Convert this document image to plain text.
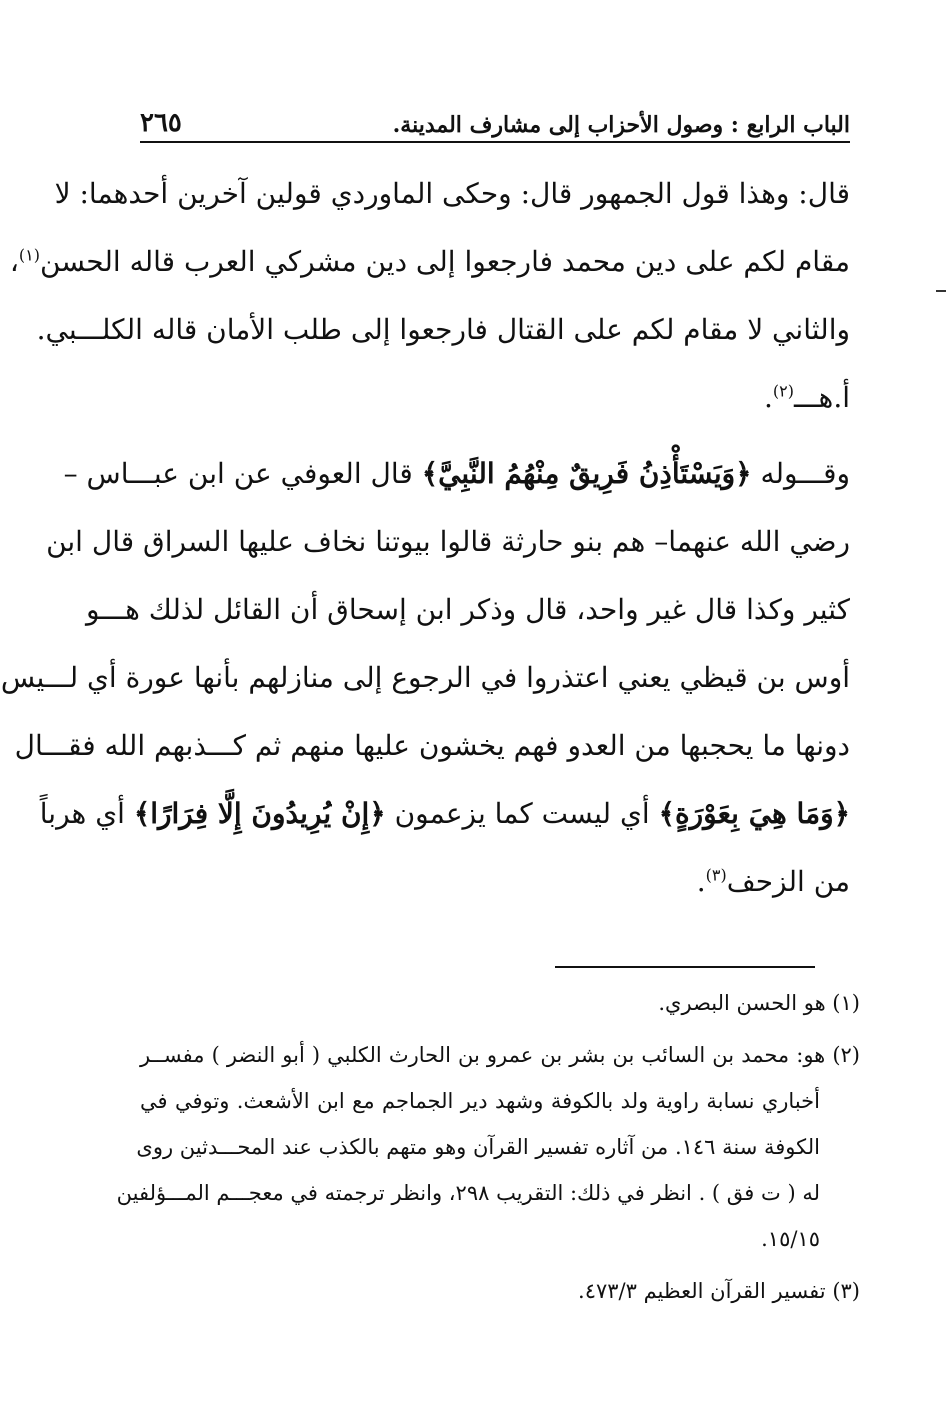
الباب الرابع : وصول الأحزاب إلى مشارف المدينة.
٢٦٥
قال: وهذا قول الجمهور قال: وحكى الماوردي قولين آخرين أحدهما: لا
مقام لكم على دين محمد فارجعوا إلى دين مشركي العرب قاله الحسن$^{(١)}$،
والثاني لا مقام لكم على القتال فارجعوا إلى طلب الأمان قاله الكلـــبي.
أ.هـــ$^{(٢)}$.
وقـــوله ﴿وَيَسْتَأْذِنُ فَرِيقٌ مِنْهُمُ النَّبِيَّ﴾ قال العوفي عن ابن عبـــاس –
رضي الله عنهما– هم بنو حارثة قالوا بيوتنا نخاف عليها السراق قال ابن
كثير وكذا قال غير واحد، قال وذكر ابن إسحاق أن القائل لذلك هـــو
أوس بن قيظي يعني اعتذروا في الرجوع إلى منازلهم بأنها عورة أي لـــيس
دونها ما يحجبها من العدو فهم يخشون عليها منهم ثم كـــذبهم الله فقـــال
﴿وَمَا هِيَ بِعَوْرَةٍ﴾ أي ليست كما يزعمون ﴿إِنْ يُرِيدُونَ إِلَّا فِرَارًا﴾ أي هرباً
من الزحف$^{(٣)}$.
(١) هو الحسن البصري.
(٢) هو: محمد بن السائب بن بشر بن عمرو بن الحارث الكلبي ( أبو النضر ) مفســر
أخباري نسابة راوية ولد بالكوفة وشهد دير الجماجم مع ابن الأشعث. وتوفي في
الكوفة سنة ١٤٦. من آثاره تفسير القرآن وهو متهم بالكذب عند المحـــدثين روى
له ( ت فق ) . انظر في ذلك: التقريب ٢٩٨، وانظر ترجمته في معجـــم المـــؤلفين
١٥/١٥.
(٣) تفسير القرآن العظيم ٤٧٣/٣.
